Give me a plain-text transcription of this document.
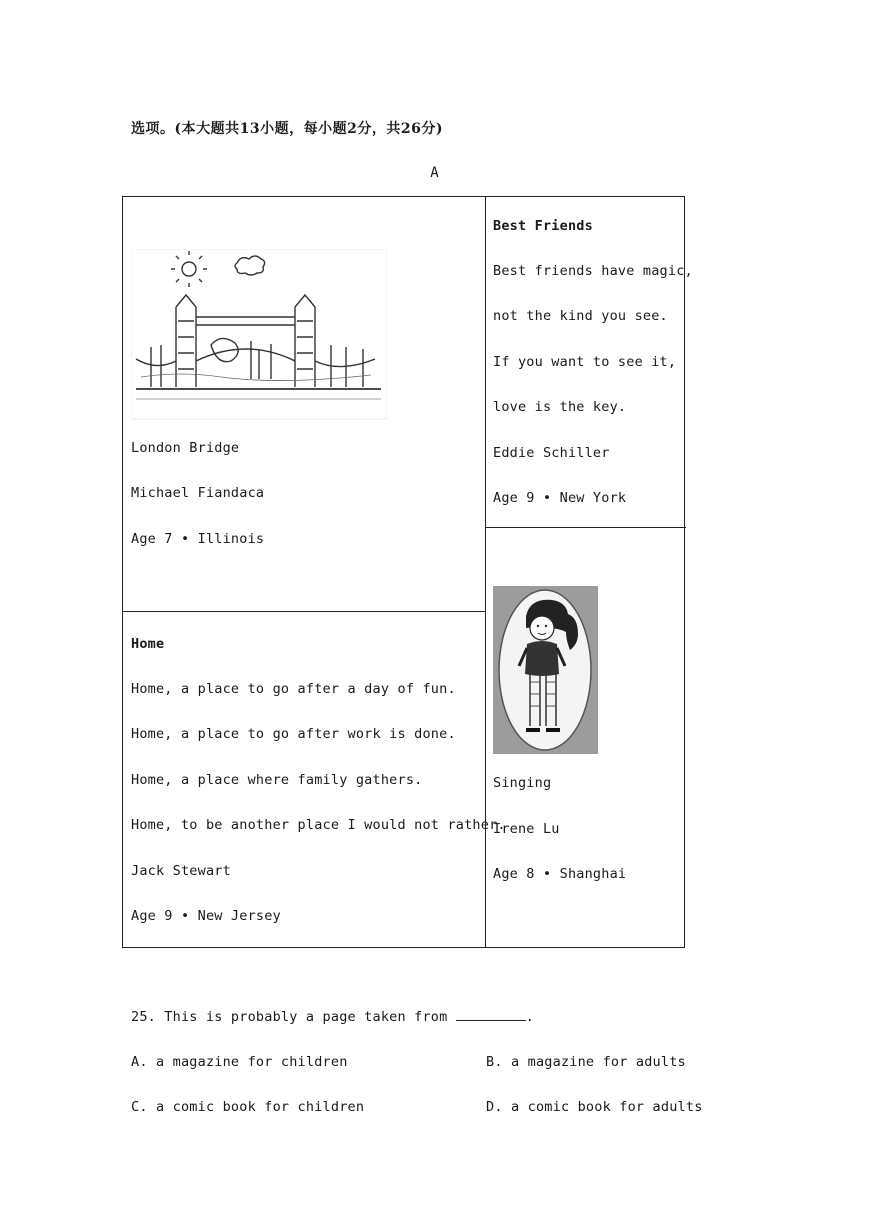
选项。(本大题共13小题，每小题2分，共26分)
A
London Bridge
Michael Fiandaca
Age 7 • Illinois
Best Friends
Best friends have magic,
not the kind you see.
If you want to see it,
love is the key.
Eddie Schiller
Age 9 • New York
Home
Home, a place to go after a day of fun.
Home, a place to go after work is done.
Home, a place where family gathers.
Home, to be another place I would not rather.
Jack Stewart
Age 9 • New Jersey
Singing
Irene Lu
Age 8 • Shanghai
25. This is probably a page taken from	.
A. a magazine for children	B. a magazine for adults
C. a comic book for children	D. a comic book for adults
